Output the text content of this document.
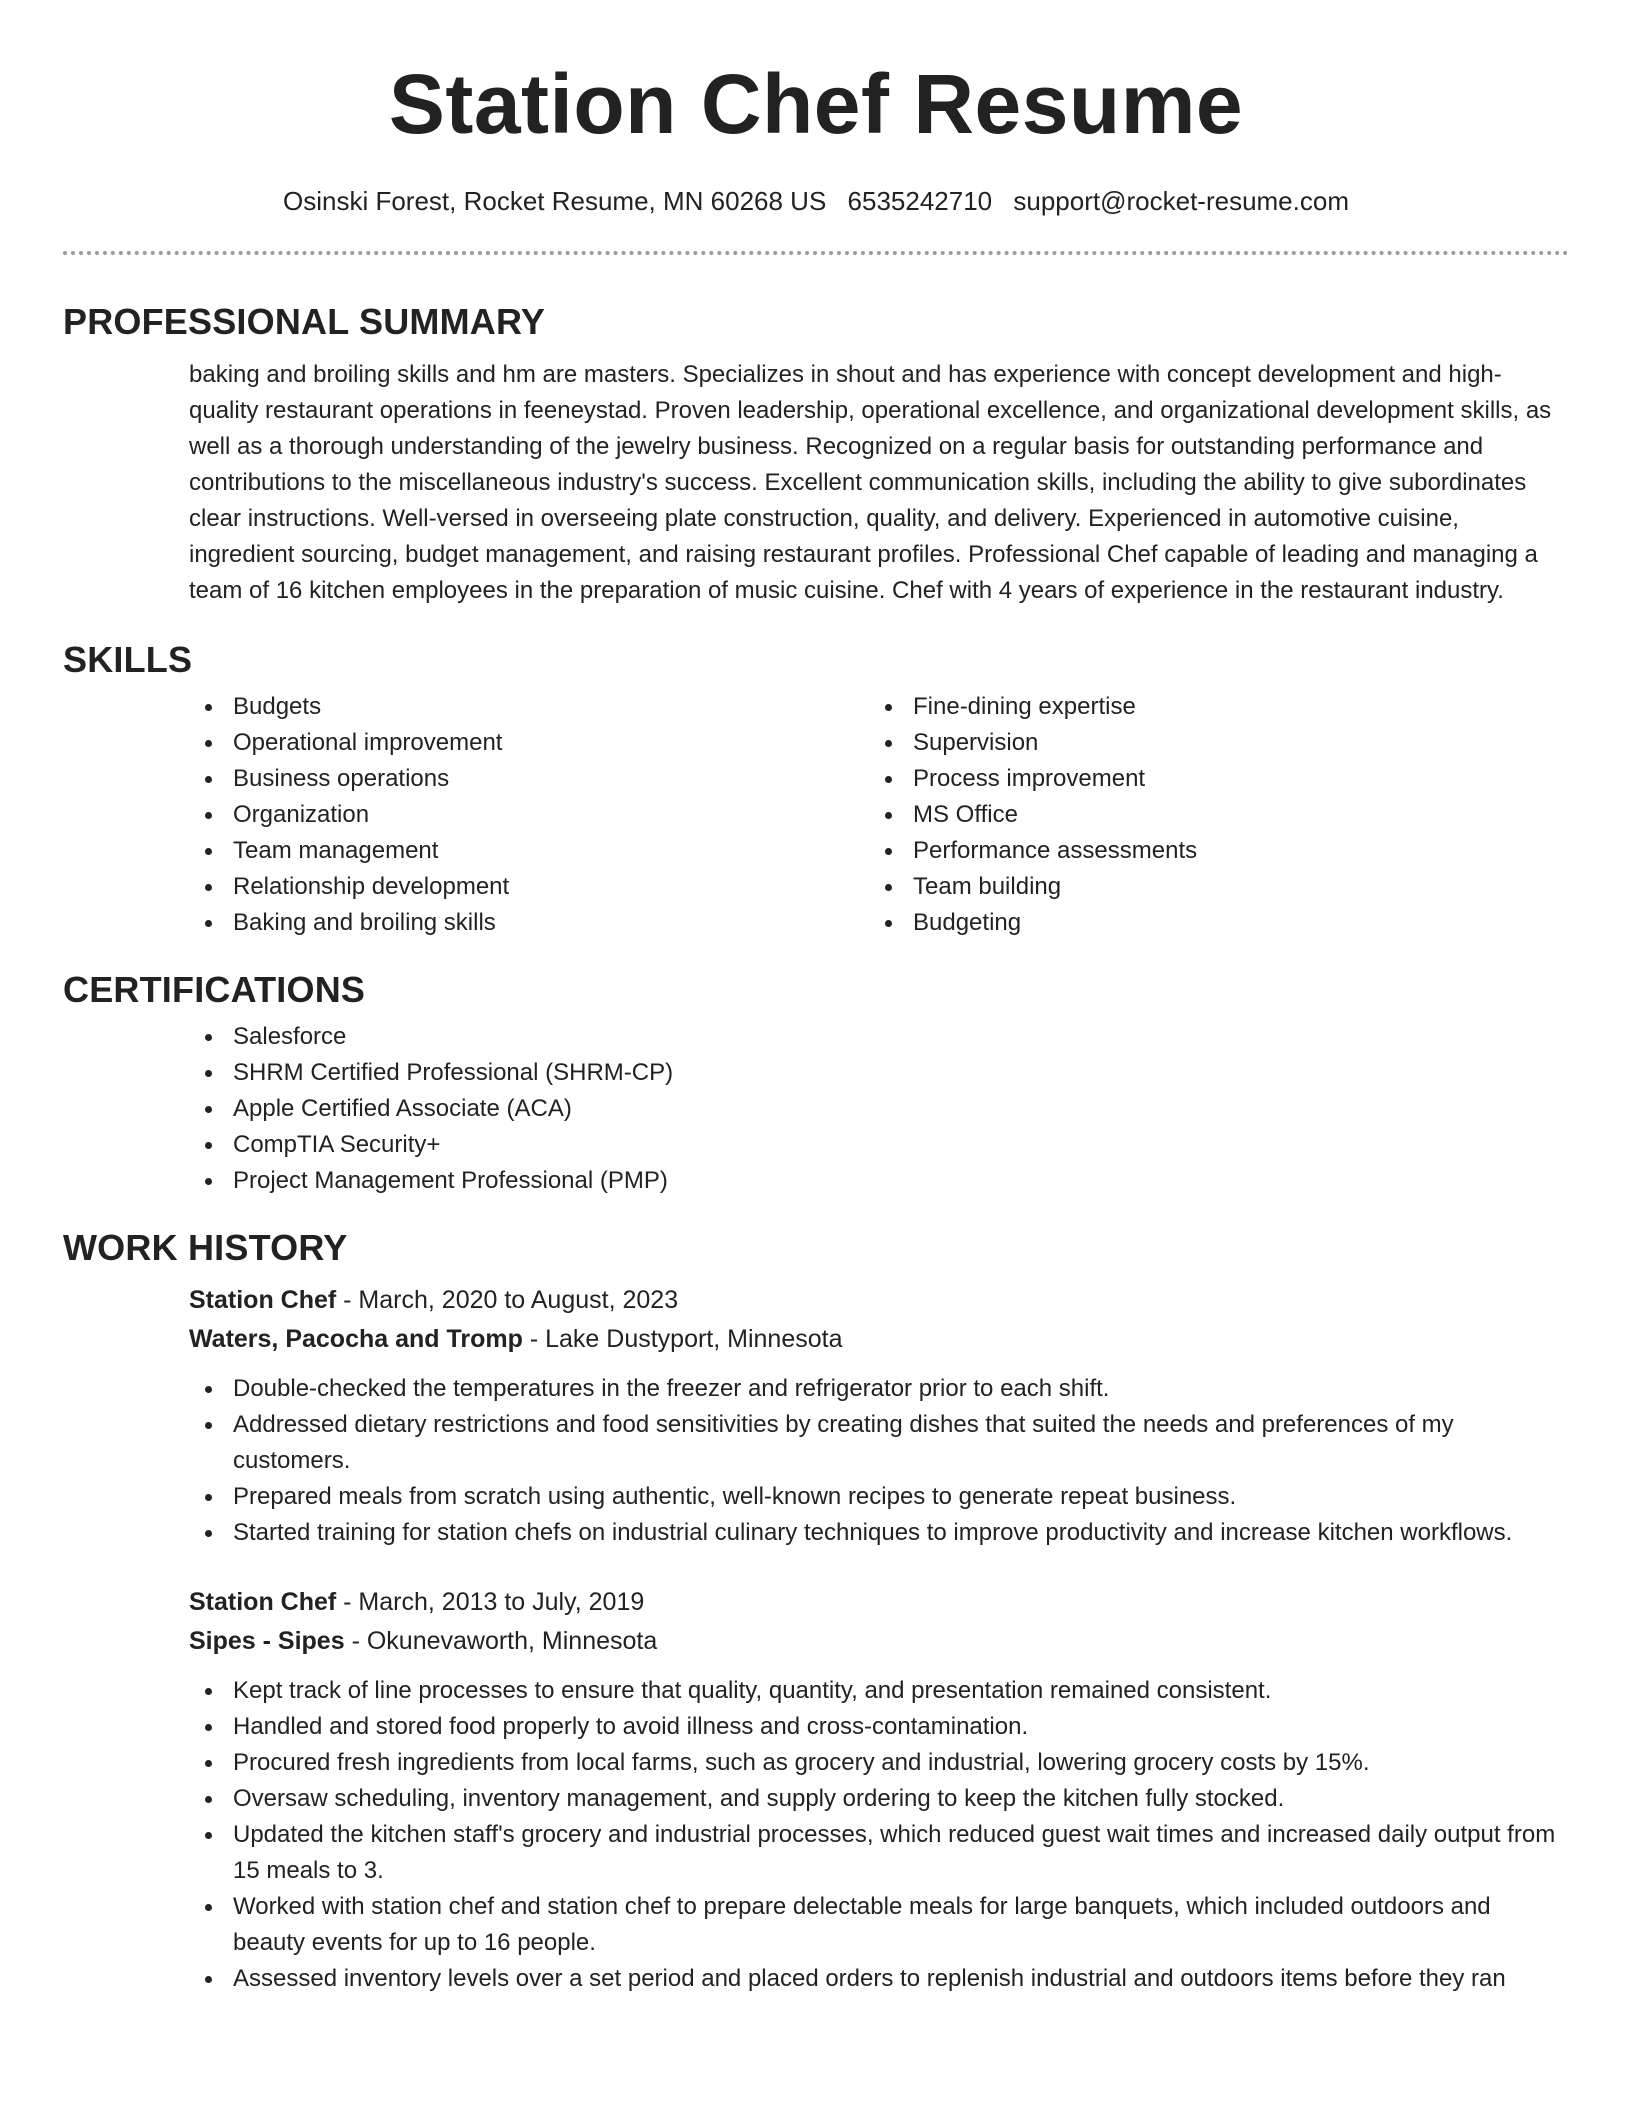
Station Chef Resume
Osinski Forest, Rocket Resume, MN 60268 US 6535242710 support@rocket-resume.com
PROFESSIONAL SUMMARY

baking and broiling skills and hm are masters. Specializes in shout and has experience with concept development and high-quality restaurant operations in feeneystad. Proven leadership, operational excellence, and organizational development skills, as well as a thorough understanding of the jewelry business. Recognized on a regular basis for outstanding performance and contributions to the miscellaneous industry's success. Excellent communication skills, including the ability to give subordinates clear instructions. Well-versed in overseeing plate construction, quality, and delivery. Experienced in automotive cuisine, ingredient sourcing, budget management, and raising restaurant profiles. Professional Chef capable of leading and managing a team of 16 kitchen employees in the preparation of music cuisine. Chef with 4 years of experience in the restaurant industry.

SKILLS
Budgets
Operational improvement
Business operations
Organization
Team management
Relationship development
Baking and broiling skills
Fine-dining expertise
Supervision
Process improvement
MS Office
Performance assessments
Team building
Budgeting
CERTIFICATIONS
Salesforce
SHRM Certified Professional (SHRM-CP)
Apple Certified Associate (ACA)
CompTIA Security+
Project Management Professional (PMP)
WORK HISTORY
Station Chef - March, 2020 to August, 2023
Waters, Pacocha and Tromp - Lake Dustyport, Minnesota
Double-checked the temperatures in the freezer and refrigerator prior to each shift.
Addressed dietary restrictions and food sensitivities by creating dishes that suited the needs and preferences of my customers.
Prepared meals from scratch using authentic, well-known recipes to generate repeat business.
Started training for station chefs on industrial culinary techniques to improve productivity and increase kitchen workflows.
Station Chef - March, 2013 to July, 2019
Sipes - Sipes - Okunevaworth, Minnesota
Kept track of line processes to ensure that quality, quantity, and presentation remained consistent.
Handled and stored food properly to avoid illness and cross-contamination.
Procured fresh ingredients from local farms, such as grocery and industrial, lowering grocery costs by 15%.
Oversaw scheduling, inventory management, and supply ordering to keep the kitchen fully stocked.
Updated the kitchen staff's grocery and industrial processes, which reduced guest wait times and increased daily output from 15 meals to 3.
Worked with station chef and station chef to prepare delectable meals for large banquets, which included outdoors and beauty events for up to 16 people.
Assessed inventory levels over a set period and placed orders to replenish industrial and outdoors items before they ran
